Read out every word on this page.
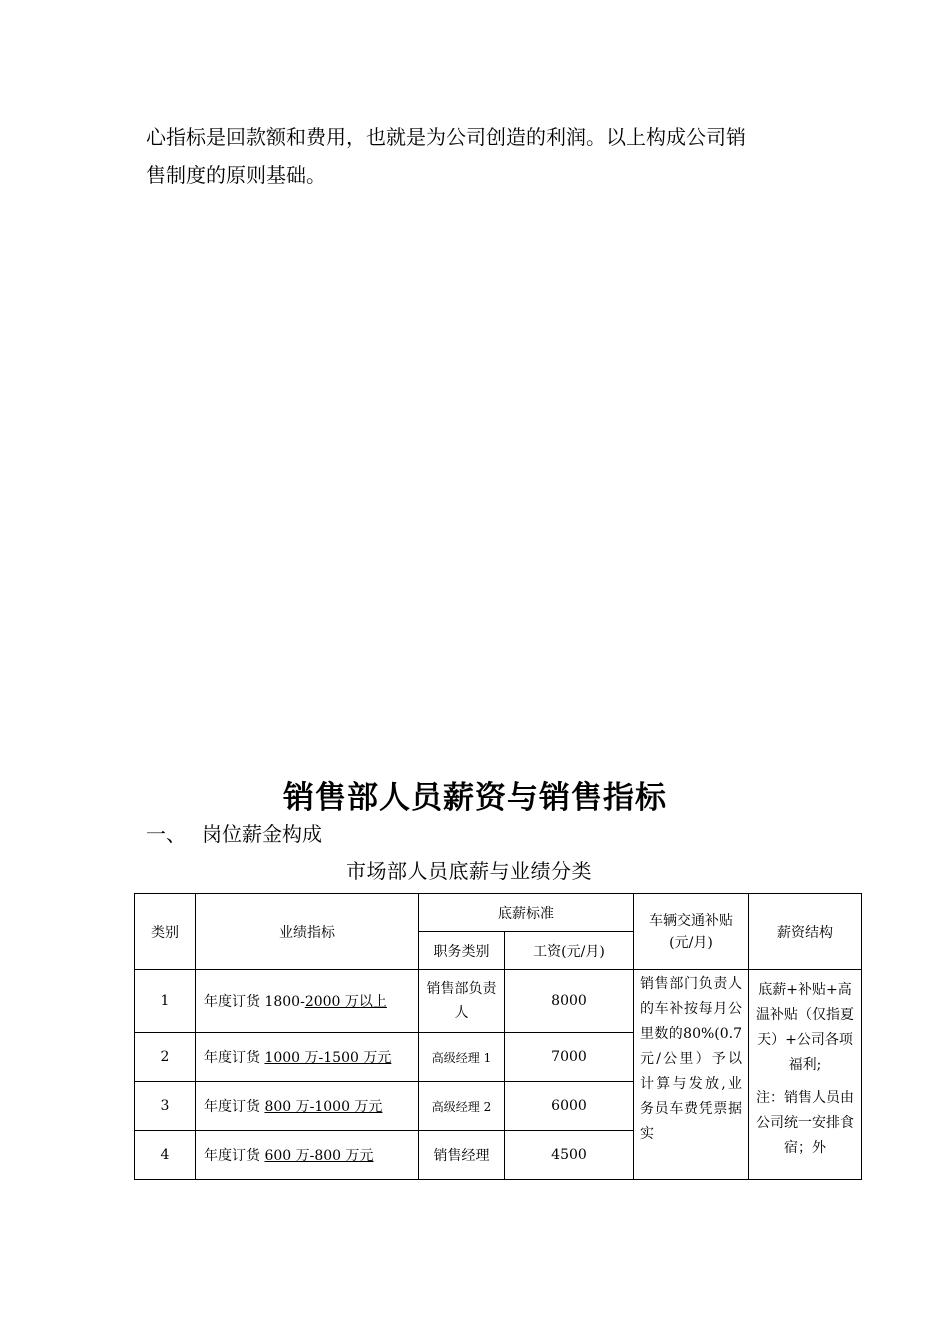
心指标是回款额和费用，也就是为公司创造的利润。以上构成公司销
售制度的原则基础。
销售部人员薪资与销售指标
一、 岗位薪金构成
市场部人员底薪与业绩分类
类别	业绩指标	底薪标准		车辆交通补贴(元/月)	薪资结构
		职务类别	工资(元/月)		
1	年度订货 1800-2000 万以上	销售部负责人	8000	销售部门负责人的车补按每月公里数的80%(0.7元/公里）予以计算与发放,业务员车费凭票据实	底薪+补贴+高温补贴（仅指夏天）+公司各项福利;

注：销售人员由公司统一安排食宿；外

2	年度订货 1000 万-1500 万元	高级经理 1	7000		
3	年度订货 800 万-1000 万元	高级经理 2	6000		
4	年度订货 600 万-800 万元	销售经理	4500		
